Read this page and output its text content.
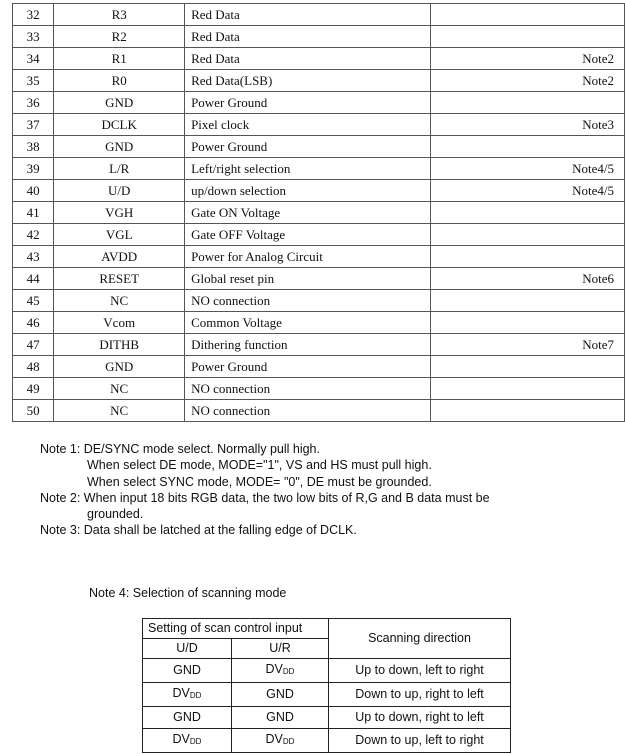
32	R3	Red Data	
33	R2	Red Data	
34	R1	Red Data	Note2
35	R0	Red Data(LSB)	Note2
36	GND	Power Ground	
37	DCLK	Pixel clock	Note3
38	GND	Power Ground	
39	L/R	Left/right selection	Note4/5
40	U/D	up/down selection	Note4/5
41	VGH	Gate ON Voltage	
42	VGL	Gate OFF Voltage	
43	AVDD	Power for Analog Circuit	
44	RESET	Global reset pin	Note6
45	NC	NO connection	
46	Vcom	Common Voltage	
47	DITHB	Dithering function	Note7
48	GND	Power Ground	
49	NC	NO connection	
50	NC	NO connection	
Note 1: DE/SYNC mode select. Normally pull high.
When select DE mode, MODE="1", VS and HS must pull high.
When select SYNC mode, MODE= "0", DE must be grounded.
Note 2: When input 18 bits RGB data, the two low bits of R,G and B data must be
grounded.
Note 3: Data shall be latched at the falling edge of DCLK.
Note 4: Selection of scanning mode
Setting of scan control input		Scanning direction
U/D	U/R	
GND	$DV_{DD}$	Up to down, left to right
$DV_{DD}$	GND	Down to up, right to left
GND	GND	Up to down, right to left
$DV_{DD}$	$DV_{DD}$	Down to up, left to right
